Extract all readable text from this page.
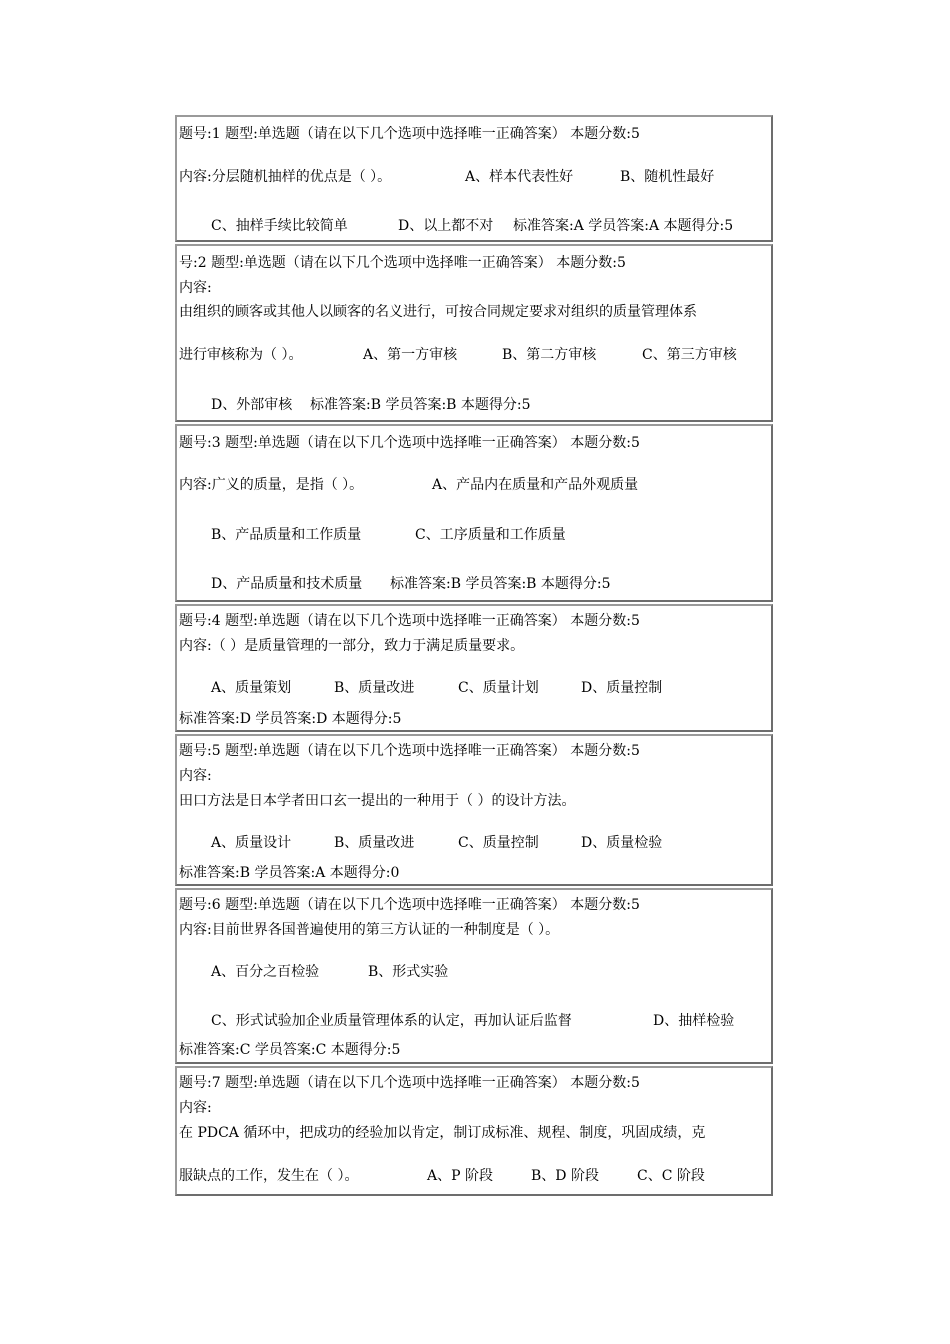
题号:1 题型:单选题（请在以下几个选项中选择唯一正确答案） 本题分数:5
内容:分层随机抽样的优点是（ ）。	A、样本代表性好	B、随机性最好
C、抽样手续比较简单	D、以上都不对 标准答案:A 学员答案:A 本题得分:5
号:2 题型:单选题（请在以下几个选项中选择唯一正确答案） 本题分数:5
内容:
由组织的顾客或其他人以顾客的名义进行，可按合同规定要求对组织的质量管理体系
进行审核称为（ ）。	A、第一方审核	B、第二方审核	C、第三方审核
D、外部审核 标准答案:B 学员答案:B 本题得分:5
题号:3 题型:单选题（请在以下几个选项中选择唯一正确答案） 本题分数:5
内容:广义的质量，是指（ ）。	A、产品内在质量和产品外观质量
B、产品质量和工作质量	C、工序质量和工作质量
D、产品质量和技术质量 标准答案:B 学员答案:B 本题得分:5
题号:4 题型:单选题（请在以下几个选项中选择唯一正确答案） 本题分数:5
内容:（ ）是质量管理的一部分，致力于满足质量要求。
A、质量策划	B、质量改进	C、质量计划	D、质量控制
标准答案:D 学员答案:D 本题得分:5
题号:5 题型:单选题（请在以下几个选项中选择唯一正确答案） 本题分数:5
内容:
田口方法是日本学者田口玄一提出的一种用于（ ）的设计方法。
A、质量设计	B、质量改进	C、质量控制	D、质量检验
标准答案:B 学员答案:A 本题得分:0
题号:6 题型:单选题（请在以下几个选项中选择唯一正确答案） 本题分数:5
内容:目前世界各国普遍使用的第三方认证的一种制度是（ ）。
A、百分之百检验	B、形式实验
C、形式试验加企业质量管理体系的认定，再加认证后监督	D、抽样检验
标准答案:C 学员答案:C 本题得分:5
题号:7 题型:单选题（请在以下几个选项中选择唯一正确答案） 本题分数:5
内容:
在 PDCA 循环中，把成功的经验加以肯定，制订成标准、规程、制度，巩固成绩，克
服缺点的工作，发生在（ ）。	A、P 阶段	B、D 阶段	C、C 阶段
